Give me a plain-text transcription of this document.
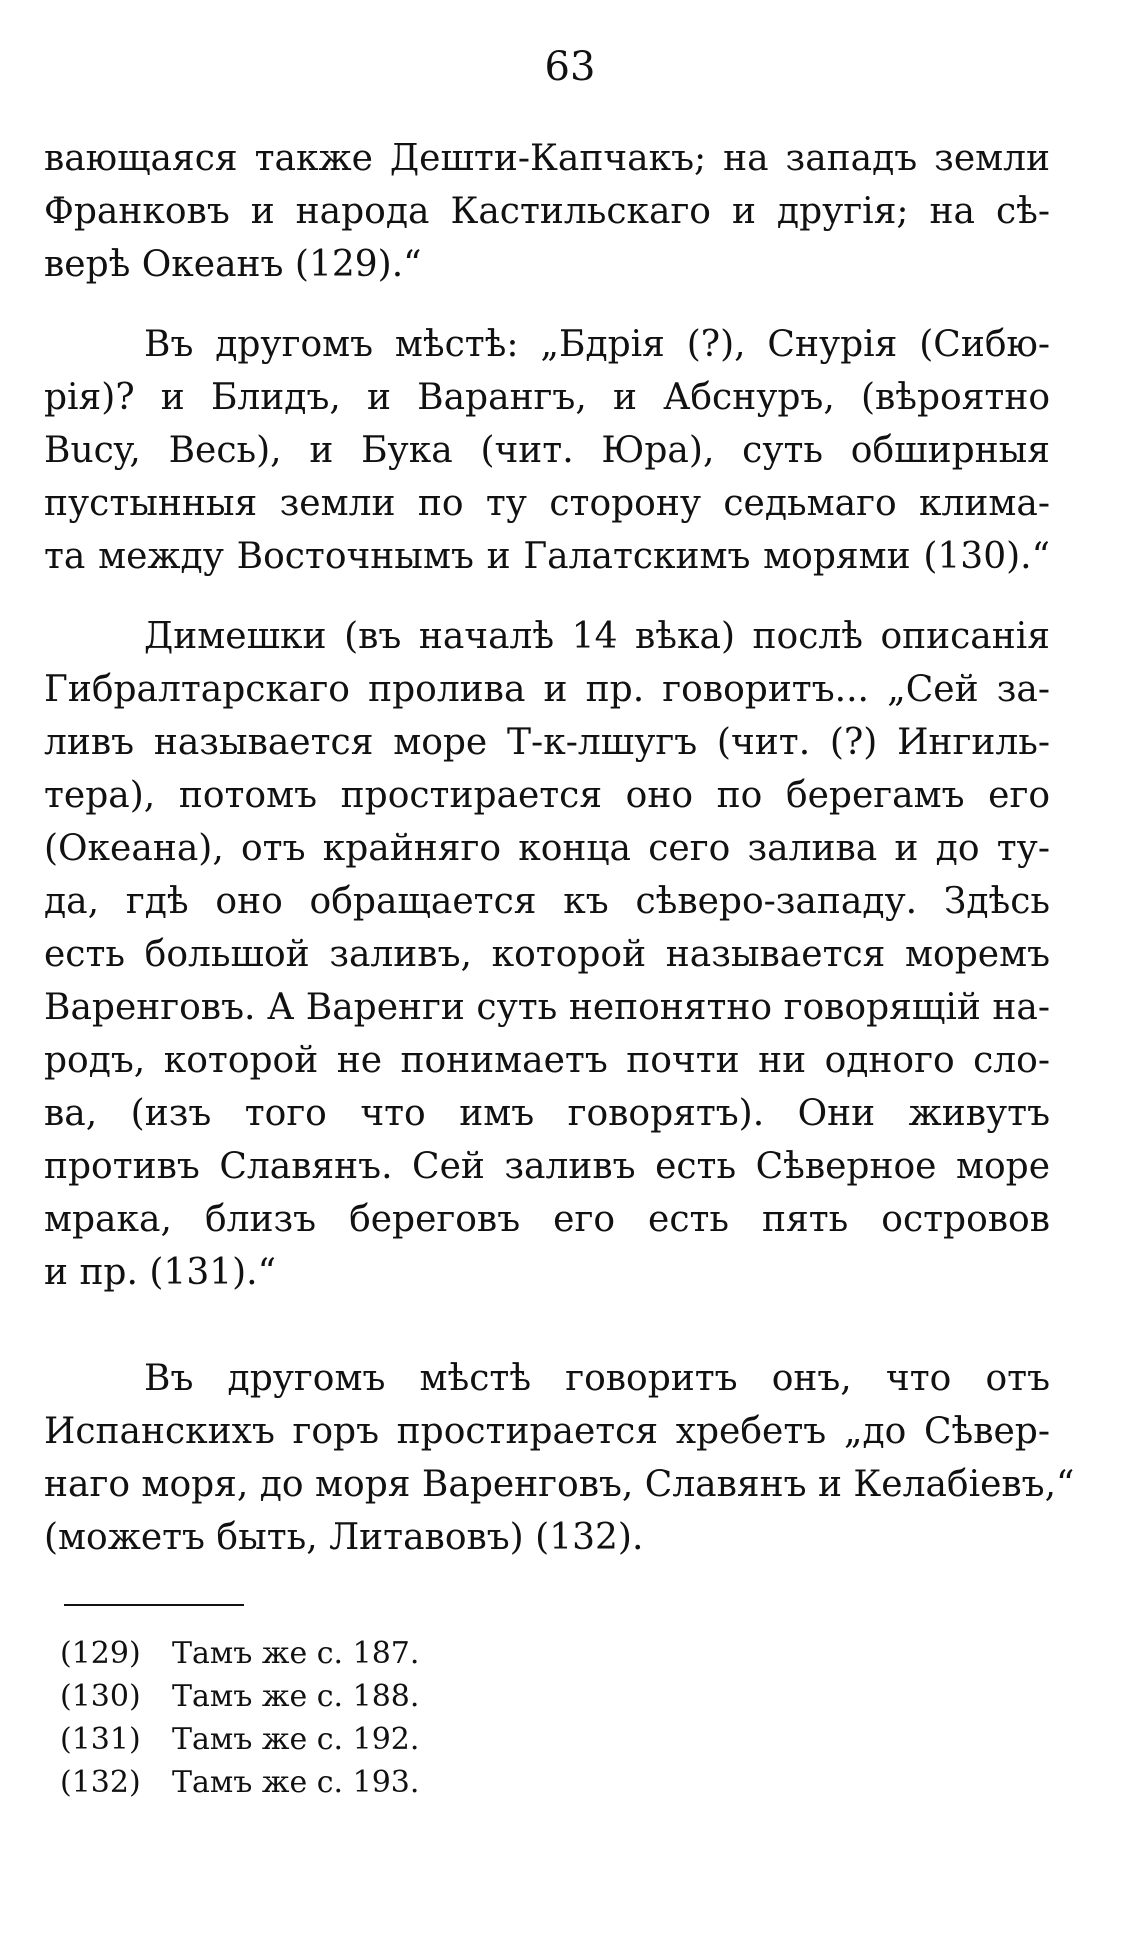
63
вающаяся также Дешти-Капчакъ; на западъ земли
Франковъ и народа Кастильскаго и другія; на сѣ-
верѣ Океанъ (129).“
Въ другомъ мѣстѣ: „Бдрія (?), Снурія (Сибю-
рія)? и Блидъ, и Варангъ, и Абснуръ, (вѣроятно
Bucy, Весь), и Бука (чит. Юра), суть обширныя
пустынныя земли по ту сторону седьмаго клима-
та между Восточнымъ и Галатскимъ морями (130).“
Димешки (въ началѣ 14 вѣка) послѣ описанія
Гибралтарскаго пролива и пр. говоритъ... „Сей за-
ливъ называется море Т-к-лшугъ (чит. (?) Ингиль-
тера), потомъ простирается оно по берегамъ его
(Океана), отъ крайняго конца сего залива и до ту-
да, гдѣ оно обращается къ сѣверо-западу. Здѣсь
есть большой заливъ, которой называется моремъ
Варенговъ. А Варенги суть непонятно говорящій на-
родъ, которой не понимаетъ почти ни одного сло-
ва, (изъ того что имъ говорятъ). Они живутъ
противъ Славянъ. Сей заливъ есть Сѣверное море
мрака, близъ береговъ его есть пять островов
и пр. (131).“
Въ другомъ мѣстѣ говоритъ онъ, что отъ
Испанскихъ горъ простирается хребетъ „до Сѣвер-
наго моря, до моря Варенговъ, Славянъ и Келабіевъ,“
(можетъ быть, Литавовъ) (132).
(129) Тамъ же с. 187.
(130) Тамъ же с. 188.
(131) Тамъ же с. 192.
(132) Тамъ же с. 193.
